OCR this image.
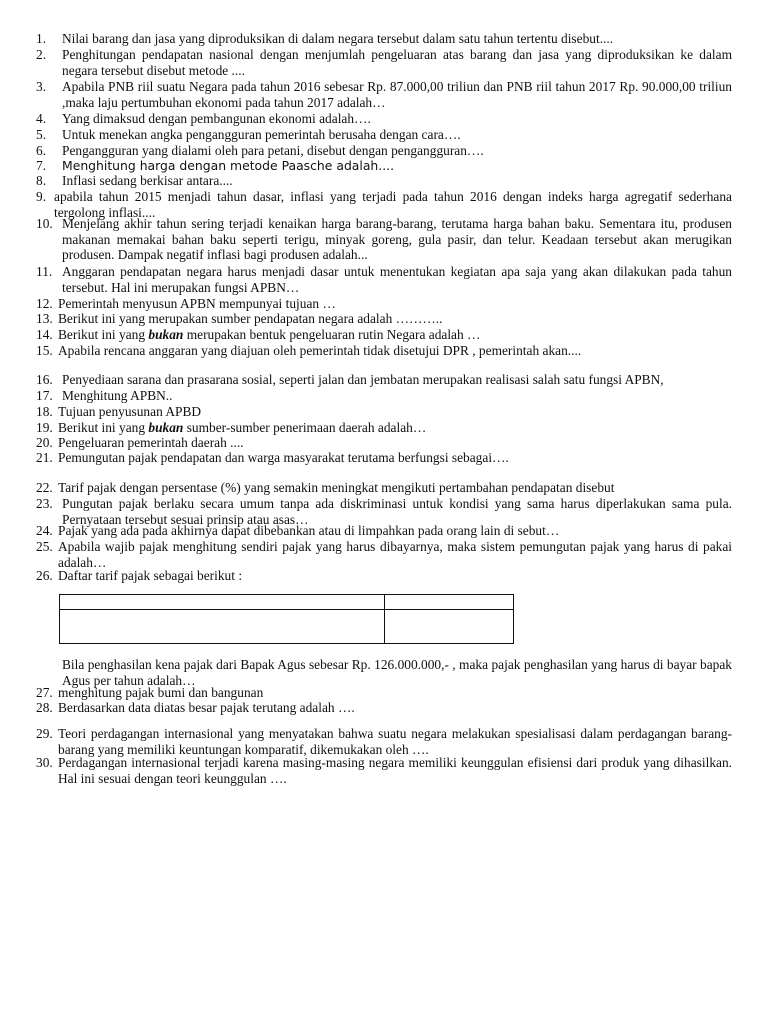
1. Nilai barang dan jasa yang diproduksikan di dalam negara tersebut dalam satu tahun tertentu disebut....
2. Penghitungan pendapatan nasional dengan menjumlah pengeluaran atas barang dan jasa yang diproduksikan ke dalam negara tersebut disebut metode ....
3. Apabila PNB riil suatu Negara pada tahun 2016 sebesar Rp. 87.000,00 triliun dan PNB riil tahun 2017 Rp. 90.000,00 triliun ,maka laju pertumbuhan ekonomi pada tahun 2017 adalah…
4. Yang dimaksud dengan pembangunan ekonomi adalah….
5. Untuk menekan angka pengangguran pemerintah berusaha dengan cara….
6. Pengangguran yang dialami oleh para petani, disebut dengan pengangguran….
7. Menghitung harga dengan metode Paasche adalah....
8. Inflasi sedang berkisar antara....
9. apabila tahun 2015 menjadi tahun dasar, inflasi yang terjadi pada tahun 2016 dengan indeks harga agregatif sederhana tergolong inflasi....
10. Menjelang akhir tahun sering terjadi kenaikan harga barang-barang, terutama harga bahan baku. Sementara itu, produsen makanan memakai bahan baku seperti terigu, minyak goreng, gula pasir, dan telur. Keadaan tersebut akan merugikan produsen. Dampak negatif inflasi bagi produsen adalah...
11. Anggaran pendapatan negara harus menjadi dasar untuk menentukan kegiatan apa saja yang akan dilakukan pada tahun tersebut. Hal ini merupakan fungsi APBN…
12. Pemerintah menyusun APBN mempunyai tujuan …
13. Berikut ini yang merupakan sumber pendapatan negara adalah ………..
14. Berikut ini yang bukan merupakan bentuk pengeluaran rutin Negara adalah …
15. Apabila rencana anggaran yang diajuan oleh pemerintah tidak disetujui DPR , pemerintah akan....
16. Penyediaan sarana dan prasarana sosial, seperti jalan dan jembatan merupakan realisasi salah satu fungsi APBN,
17. Menghitung APBN..
18. Tujuan penyusunan APBD
19. Berikut ini yang bukan sumber-sumber penerimaan daerah adalah…
20. Pengeluaran pemerintah daerah ....
21. Pemungutan pajak pendapatan dan warga masyarakat terutama berfungsi sebagai….
22. Tarif pajak dengan persentase (%) yang semakin meningkat mengikuti pertambahan pendapatan disebut
23. Pungutan pajak berlaku secara umum tanpa ada diskriminasi untuk kondisi yang sama harus diperlakukan sama pula. Pernyataan tersebut sesuai prinsip atau asas…
24. Pajak yang ada pada akhirnya dapat dibebankan atau di limpahkan pada orang lain di sebut…
25. Apabila wajib pajak menghitung sendiri pajak yang harus dibayarnya, maka sistem pemungutan pajak yang harus di pakai adalah…
26. Daftar tarif pajak sebagai berikut :
Bila penghasilan kena pajak dari Bapak Agus sebesar Rp. 126.000.000,- , maka pajak penghasilan yang harus di bayar bapak Agus per tahun adalah…
27. menghitung pajak bumi dan bangunan
28. Berdasarkan data diatas besar pajak terutang adalah ….
29. Teori perdagangan internasional yang menyatakan bahwa suatu negara melakukan spesialisasi dalam perdagangan barang-barang yang memiliki keuntungan komparatif, dikemukakan oleh ….
30. Perdagangan internasional terjadi karena masing-masing negara memiliki keunggulan efisiensi dari produk yang dihasilkan. Hal ini sesuai dengan teori keunggulan ….
